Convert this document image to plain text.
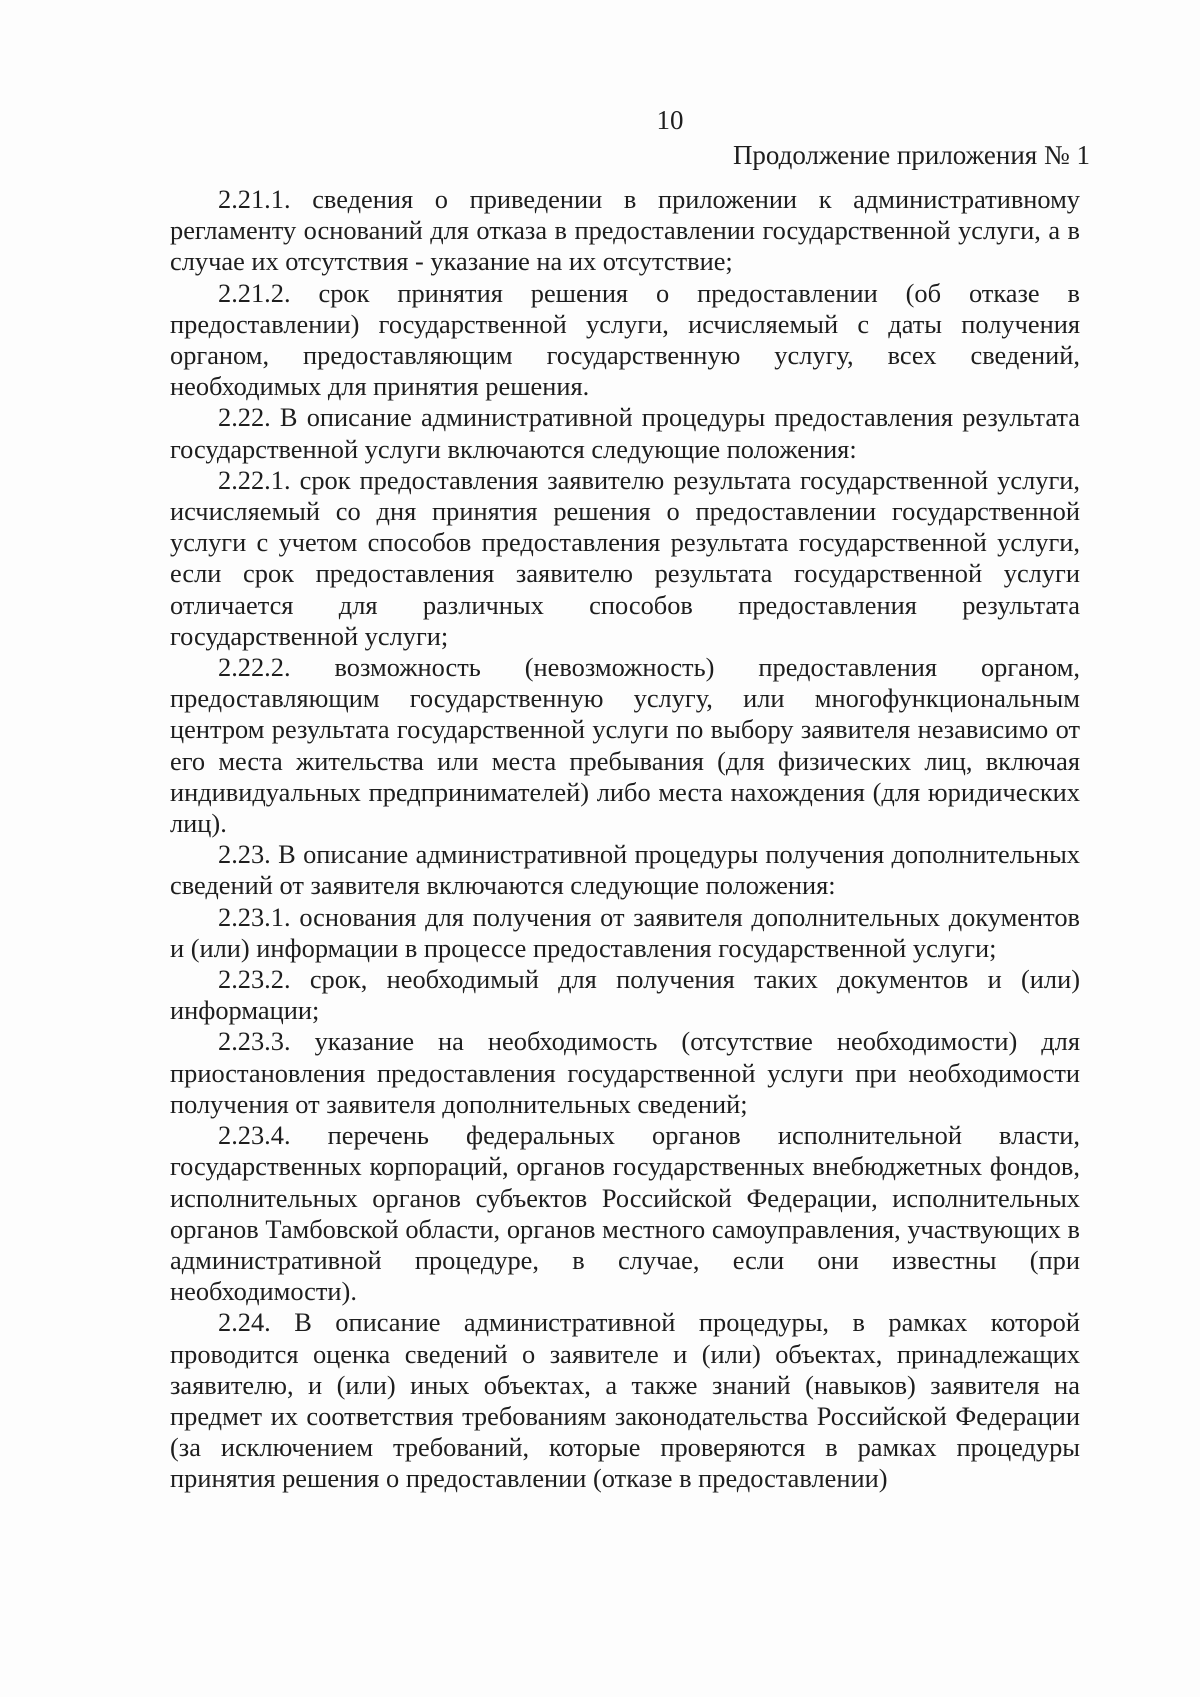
10
Продолжение приложения № 1

2.21.1. сведения о приведении в приложении к административному регламенту оснований для отказа в предоставлении государственной услуги, а в случае их отсутствия - указание на их отсутствие;

2.21.2. срок принятия решения о предоставлении (об отказе в предоставлении) государственной услуги, исчисляемый с даты получения органом, предоставляющим государственную услугу, всех сведений, необходимых для принятия решения.

2.22. В описание административной процедуры предоставления результата государственной услуги включаются следующие положения:

2.22.1. срок предоставления заявителю результата государственной услуги, исчисляемый со дня принятия решения о предоставлении государственной услуги с учетом способов предоставления результата государственной услуги, если срок предоставления заявителю результата государственной услуги отличается для различных способов предоставления результата государственной услуги;

2.22.2. возможность (невозможность) предоставления органом, предоставляющим государственную услугу, или многофункциональным центром результата государственной услуги по выбору заявителя независимо от его места жительства или места пребывания (для физических лиц, включая индивидуальных предпринимателей) либо места нахождения (для юридических лиц).

2.23. В описание административной процедуры получения дополнительных сведений от заявителя включаются следующие положения:

2.23.1. основания для получения от заявителя дополнительных документов и (или) информации в процессе предоставления государственной услуги;

2.23.2. срок, необходимый для получения таких документов и (или) информации;

2.23.3. указание на необходимость (отсутствие необходимости) для приостановления предоставления государственной услуги при необходимости получения от заявителя дополнительных сведений;

2.23.4. перечень федеральных органов исполнительной власти, государственных корпораций, органов государственных внебюджетных фондов, исполнительных органов субъектов Российской Федерации, исполнительных органов Тамбовской области, органов местного самоуправления, участвующих в административной процедуре, в случае, если они известны (при необходимости).

2.24. В описание административной процедуры, в рамках которой проводится оценка сведений о заявителе и (или) объектах, принадлежащих заявителю, и (или) иных объектах, а также знаний (навыков) заявителя на предмет их соответствия требованиям законодательства Российской Федерации (за исключением требований, которые проверяются в рамках процедуры принятия решения о предоставлении (отказе в предоставлении)
